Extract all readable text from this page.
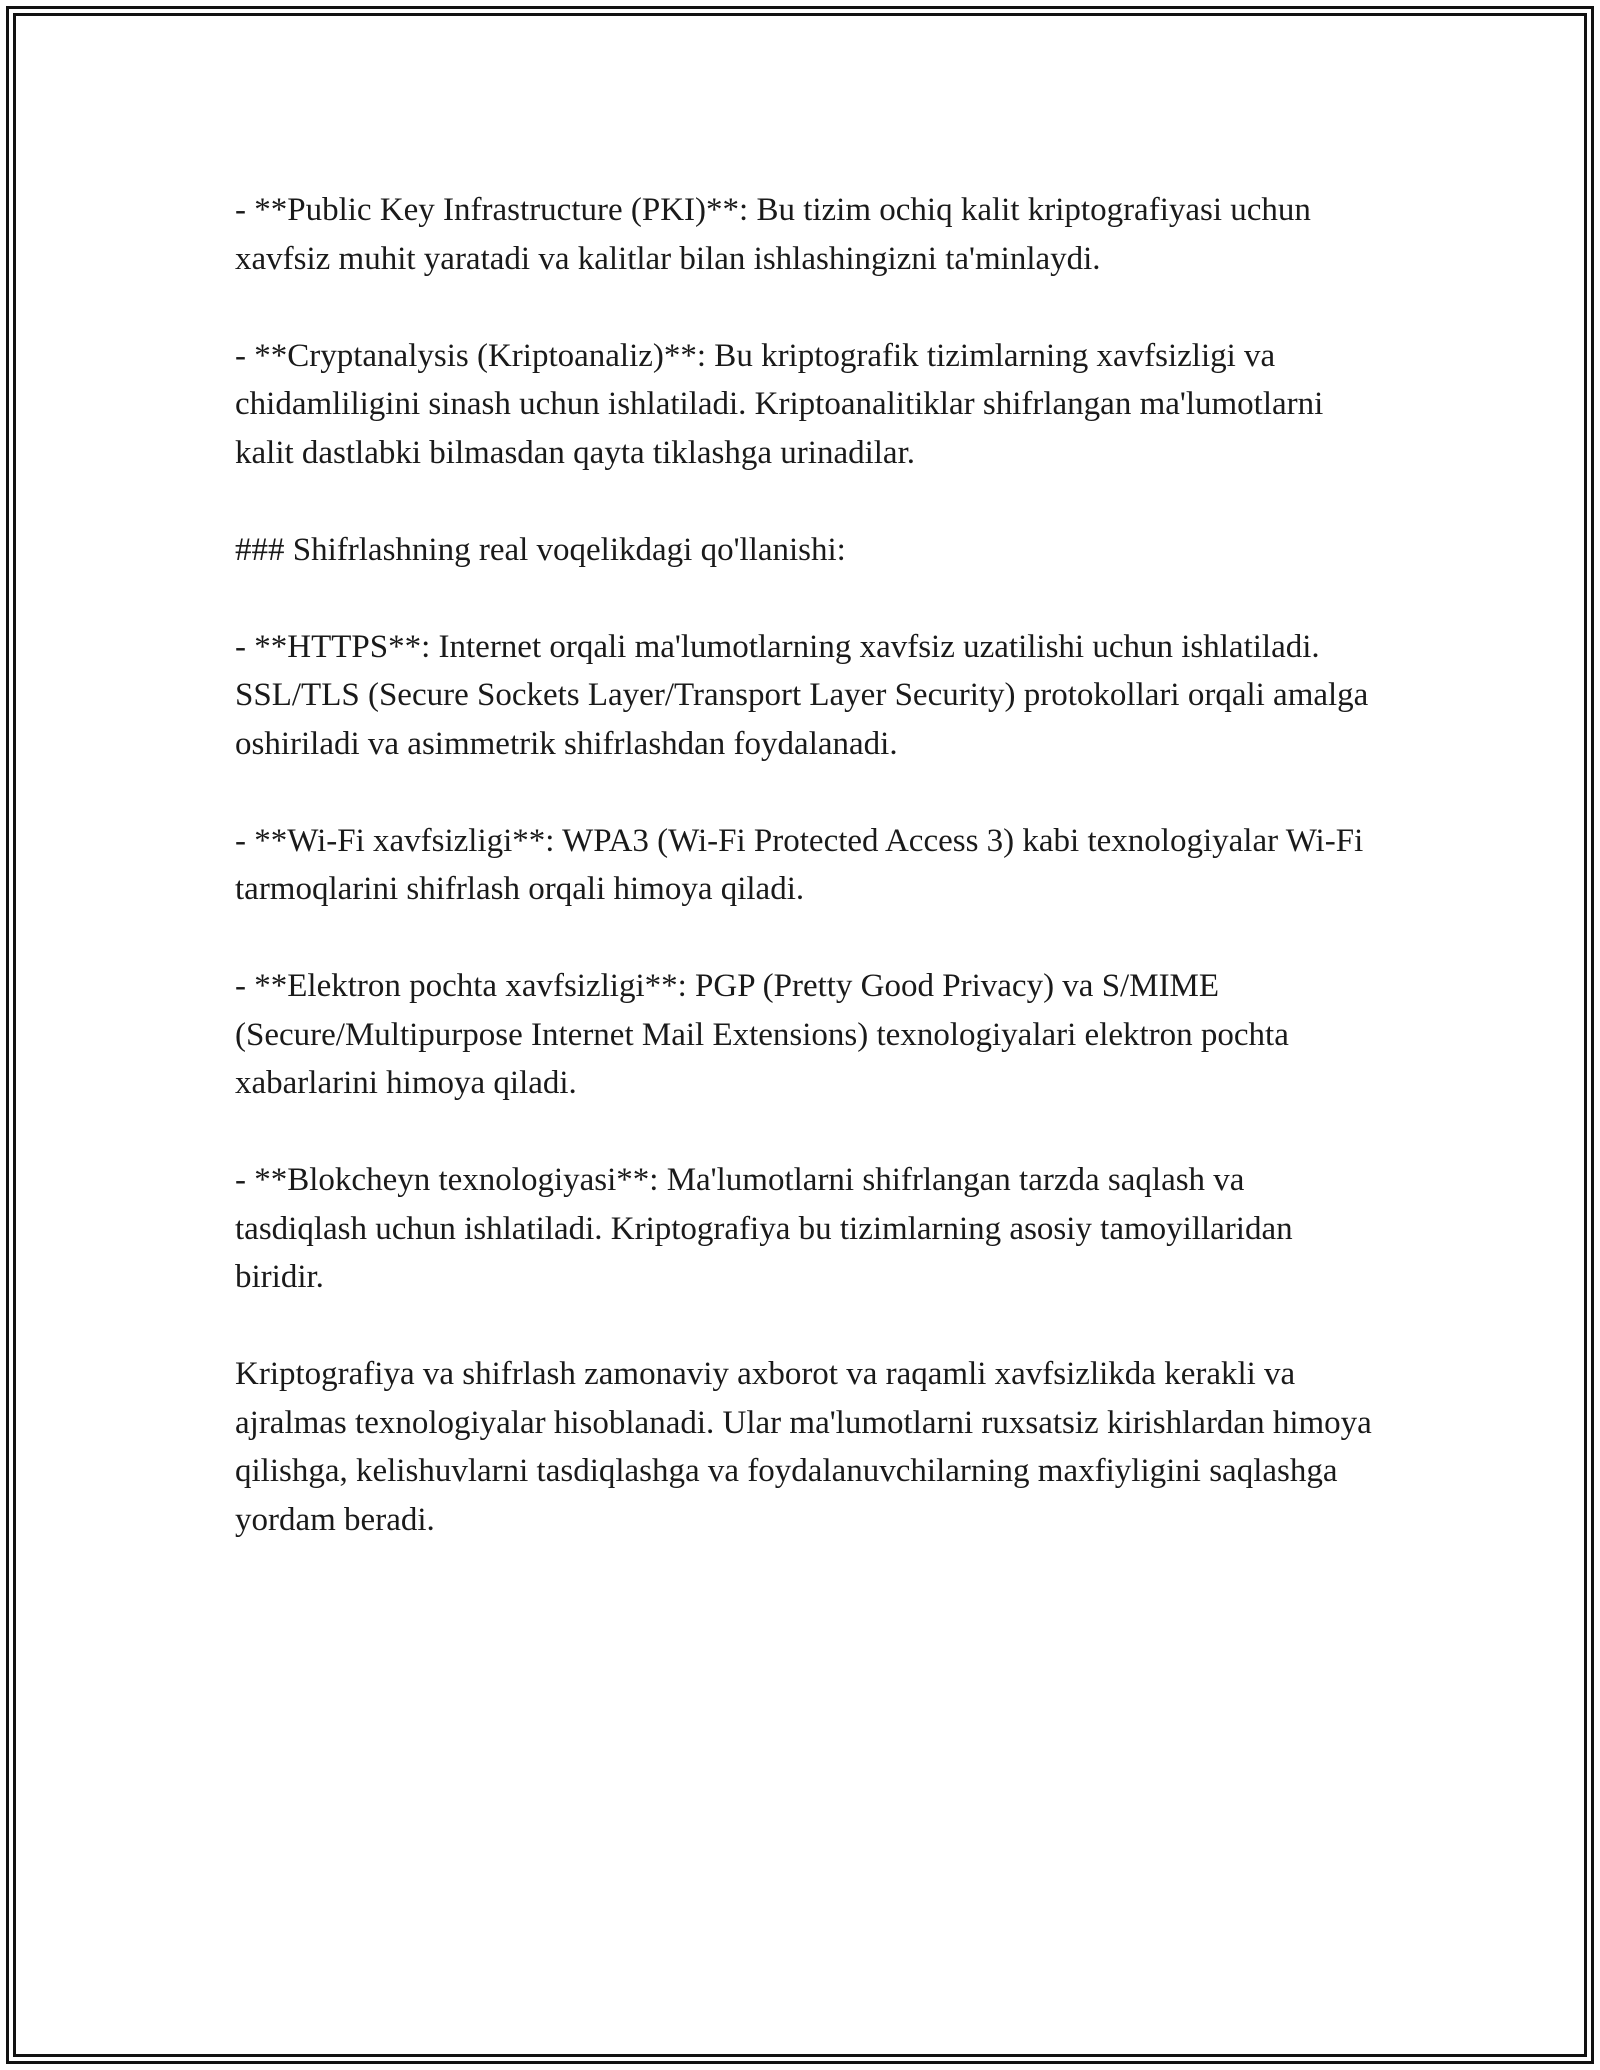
- **Public Key Infrastructure (PKI)**: Bu tizim ochiq kalit kriptografiyasi uchun xavfsiz muhit yaratadi va kalitlar bilan ishlashingizni ta'minlaydi.

- **Cryptanalysis (Kriptoanaliz)**: Bu kriptografik tizimlarning xavfsizligi va chidamliligini sinash uchun ishlatiladi. Kriptoanalitiklar shifrlangan ma'lumotlarni kalit dastlabki bilmasdan qayta tiklashga urinadilar.

### Shifrlashning real voqelikdagi qo'llanishi:

- **HTTPS**: Internet orqali ma'lumotlarning xavfsiz uzatilishi uchun ishlatiladi. SSL/TLS (Secure Sockets Layer/Transport Layer Security) protokollari orqali amalga oshiriladi va asimmetrik shifrlashdan foydalanadi.

- **Wi-Fi xavfsizligi**: WPA3 (Wi-Fi Protected Access 3) kabi texnologiyalar Wi-Fi tarmoqlarini shifrlash orqali himoya qiladi.

- **Elektron pochta xavfsizligi**: PGP (Pretty Good Privacy) va S/MIME (Secure/Multipurpose Internet Mail Extensions) texnologiyalari elektron pochta xabarlarini himoya qiladi.

- **Blokcheyn texnologiyasi**: Ma'lumotlarni shifrlangan tarzda saqlash va tasdiqlash uchun ishlatiladi. Kriptografiya bu tizimlarning asosiy tamoyillaridan biridir.

Kriptografiya va shifrlash zamonaviy axborot va raqamli xavfsizlikda kerakli va ajralmas texnologiyalar hisoblanadi. Ular ma'lumotlarni ruxsatsiz kirishlardan himoya qilishga, kelishuvlarni tasdiqlashga va foydalanuvchilarning maxfiyligini saqlashga yordam beradi.
